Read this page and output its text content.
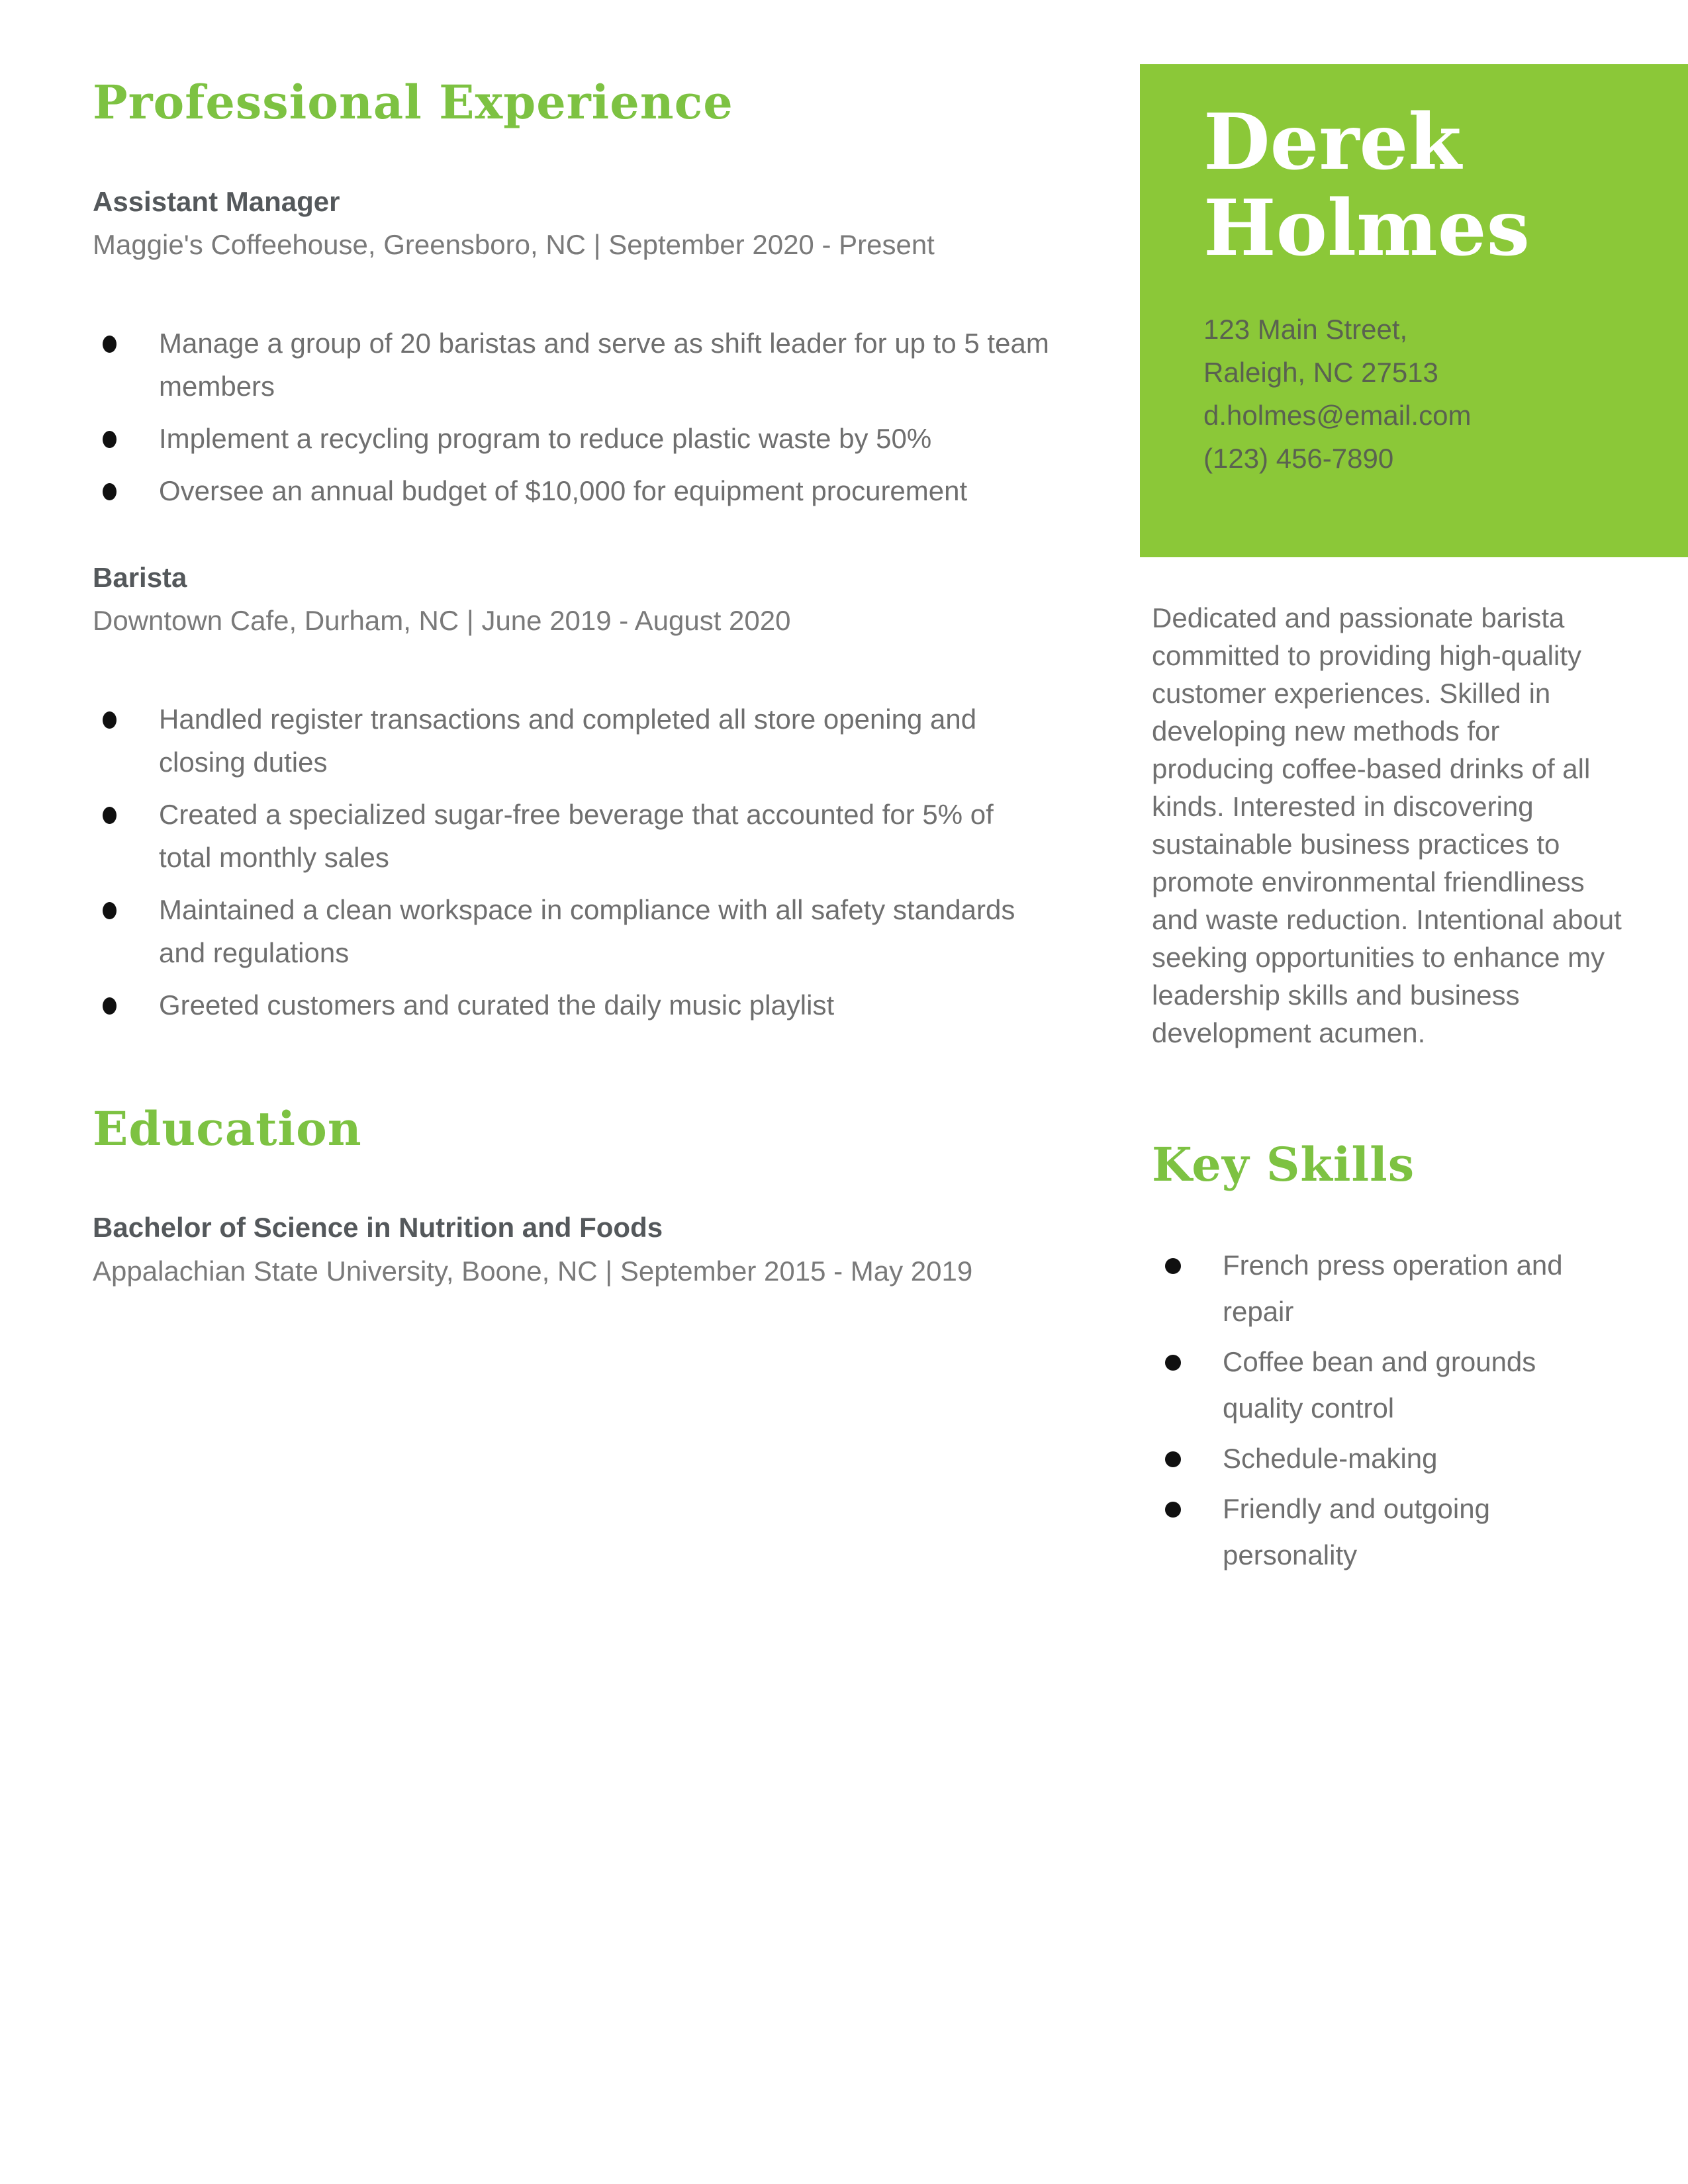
Professional Experience
Assistant Manager

Maggie's Coffeehouse, Greensboro, NC | September 2020 - Present

Manage a group of 20 baristas and serve as shift leader for up to 5 team members
Implement a recycling program to reduce plastic waste by 50%
Oversee an annual budget of $10,000 for equipment procurement
Barista

Downtown Cafe, Durham, NC | June 2019 - August 2020

Handled register transactions and completed all store opening and closing duties
Created a specialized sugar-free beverage that accounted for 5% of total monthly sales
Maintained a clean workspace in compliance with all safety standards and regulations
Greeted customers and curated the daily music playlist
Education
Bachelor of Science in Nutrition and Foods

Appalachian State University, Boone, NC | September 2015 - May 2019

Derek
Holmes

123 Main Street,

Raleigh, NC 27513

d.holmes@email.com

(123) 456-7890

Dedicated and passionate barista committed to providing high-quality customer experiences. Skilled in developing new methods for producing coffee-based drinks of all kinds. Interested in discovering sustainable business practices to promote environmental friendliness and waste reduction. Intentional about seeking opportunities to enhance my leadership skills and business development acumen.

Key Skills
French press operation and repair
Coffee bean and grounds quality control
Schedule-making
Friendly and outgoing personality
